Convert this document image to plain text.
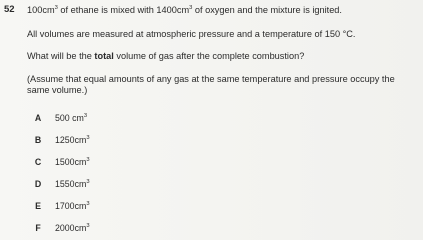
52 $100cm^3$ of ethane is mixed with $1400cm^3$ of oxygen and the mixture is ignited.
All volumes are measured at atmospheric pressure and a temperature of 150 °C.
What will be the total volume of gas after the complete combustion?
(Assume that equal amounts of any gas at the same temperature and pressure occupy the same volume.)
A 500 $cm^3$
B $1250cm^3$
C $1500cm^3$
D $1550cm^3$
E $1700cm^3$
F $2000cm^3$
